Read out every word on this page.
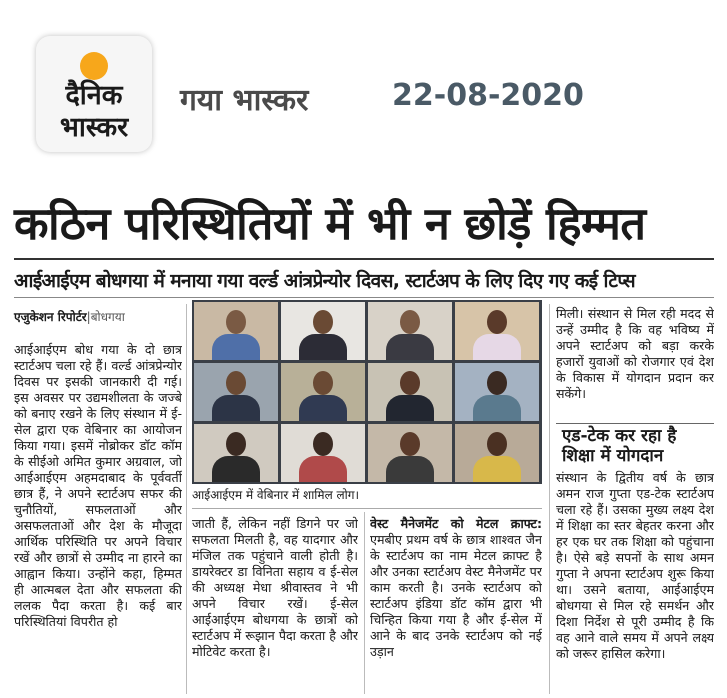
दैनिक
भास्कर
गया भास्कर	22-08-2020
कठिन परिस्थितियों में भी न छोड़ें हिम्मत
आईआईएम बोधगया में मनाया गया वर्ल्ड आंत्रप्रेन्योर दिवस, स्टार्टअप के लिए दिए गए कई टिप्स
एजुकेशन रिपोर्टर|बोधगया
आईआईएम बोध गया के दो छात्र स्टार्टअप चला रहे हैं। वर्ल्ड आंत्रप्रेन्योर दिवस पर इसकी जानकारी दी गई। इस अवसर पर उद्यमशीलता के जज्बे को बनाए रखने के लिए संस्थान में ई-सेल द्वारा एक वेबिनार का आयोजन किया गया। इसमें नोब्रोकर डॉट कॉम के सीईओ अमित कुमार अग्रवाल, जो आईआईएम अहमदाबाद के पूर्ववर्ती छात्र हैं, ने अपने स्टार्टअप सफर की चुनौतियों, सफलताओं और असफलताओं और देश के मौजूदा आर्थिक परिस्थिति पर अपने विचार रखें और छात्रों से उम्मीद ना हारने का आह्वान किया। उन्होंने कहा, हिम्मत ही आत्मबल देता और सफलता की ललक पैदा करता है। कई बार परिस्थितियां विपरीत हो
आईआईएम में वेबिनार में शामिल लोग।
जाती हैं, लेकिन नहीं डिगने पर जो सफलता मिलती है, वह यादगार और मंजिल तक पहुंचाने वाली होती है। डायरेक्टर डा विनिता सहाय व ई-सेल की अध्यक्ष मेधा श्रीवास्तव ने भी अपने विचार रखें। ई-सेल आईआईएम बोधगया के छात्रों को स्टार्टअप में रूझान पैदा करता है और मोटिवेट करता है।
वेस्ट मैनेजमेंट को मेटल क्राफ्ट: एमबीए प्रथम वर्ष के छात्र शाश्वत जैन के स्टार्टअप का नाम मेटल क्राफ्ट है और उनका स्टार्टअप वेस्ट मैनेजमेंट पर काम करती है। उनके स्टार्टअप को स्टार्टअप इंडिया डॉट कॉम द्वारा भी चिन्हित किया गया है और ई-सेल में आने के बाद उनके स्टार्टअप को नई उड़ान
मिली। संस्थान से मिल रही मदद से उन्हें उम्मीद है कि वह भविष्य में अपने स्टार्टअप को बड़ा करके हजारों युवाओं को रोजगार एवं देश के विकास में योगदान प्रदान कर सकेंगे।
एड-टेक कर रहा है शिक्षा में योगदान
संस्थान के द्वितीय वर्ष के छात्र अमन राज गुप्ता एड-टेक स्टार्टअप चला रहे हैं। उसका मुख्य लक्ष्य देश में शिक्षा का स्तर बेहतर करना और हर एक घर तक शिक्षा को पहुंचाना है। ऐसे बड़े सपनों के साथ अमन गुप्ता ने अपना स्टार्टअप शुरू किया था। उसने बताया, आईआईएम बोधगया से मिल रहे समर्थन और दिशा निर्देश से पूरी उम्मीद है कि वह आने वाले समय में अपने लक्ष्य को जरूर हासिल करेगा।
